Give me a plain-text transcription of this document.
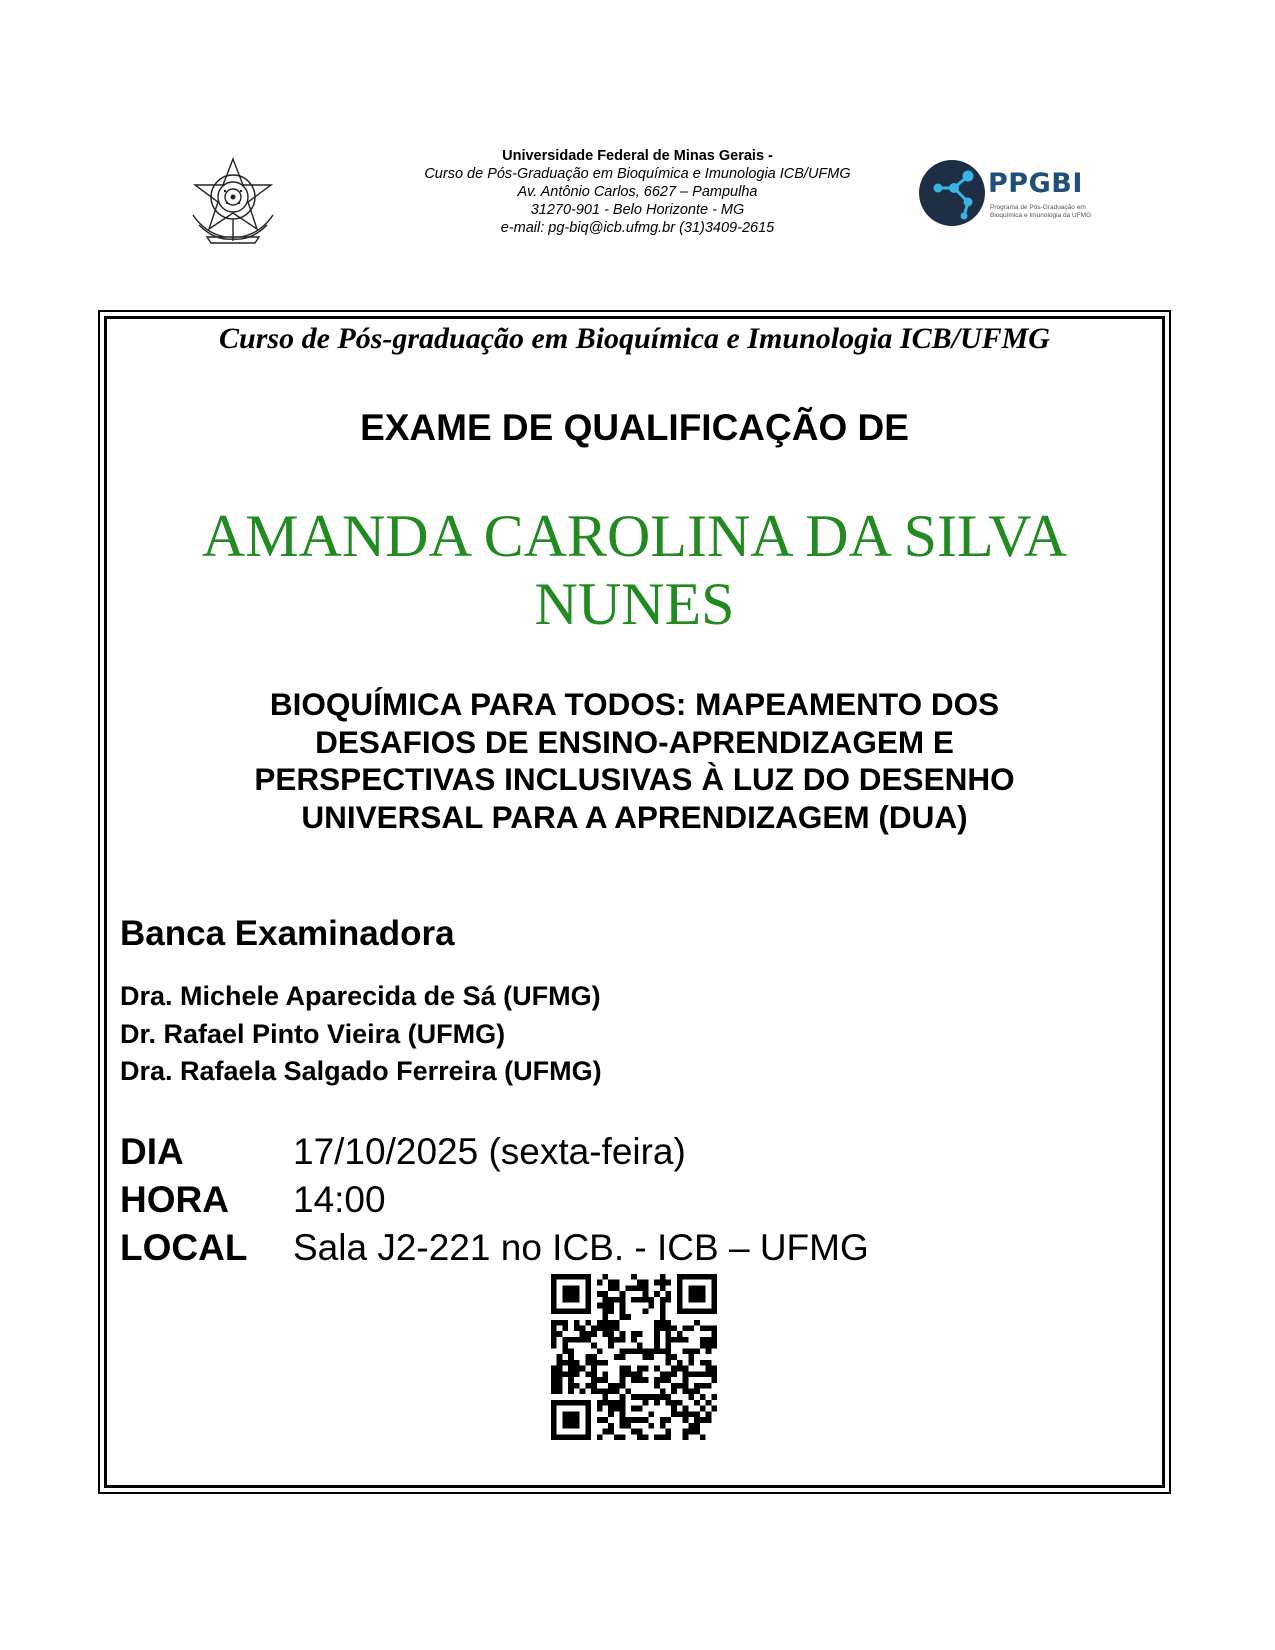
Universidade Federal de Minas Gerais -
Curso de Pós-Graduação em Bioquímica e Imunologia ICB/UFMG
Av. Antônio Carlos, 6627 – Pampulha
31270-901 - Belo Horizonte - MG
e-mail: pg-biq@icb.ufmg.br (31)3409-2615
PPGBI
Programa de Pós-Graduação em Bioquímica e Imunologia da UFMG
Curso de Pós-graduação em Bioquímica e Imunologia ICB/UFMG
EXAME DE QUALIFICAÇÃO DE
AMANDA CAROLINA DA SILVA
NUNES
BIOQUÍMICA PARA TODOS: MAPEAMENTO DOS
DESAFIOS DE ENSINO-APRENDIZAGEM E
PERSPECTIVAS INCLUSIVAS À LUZ DO DESENHO
UNIVERSAL PARA A APRENDIZAGEM (DUA)
Banca Examinadora
Dra. Michele Aparecida de Sá (UFMG)
Dr. Rafael Pinto Vieira (UFMG)
Dra. Rafaela Salgado Ferreira (UFMG)
DIA	17/10/2025 (sexta-feira)
HORA	14:00
LOCAL	Sala J2-221 no ICB. - ICB – UFMG
